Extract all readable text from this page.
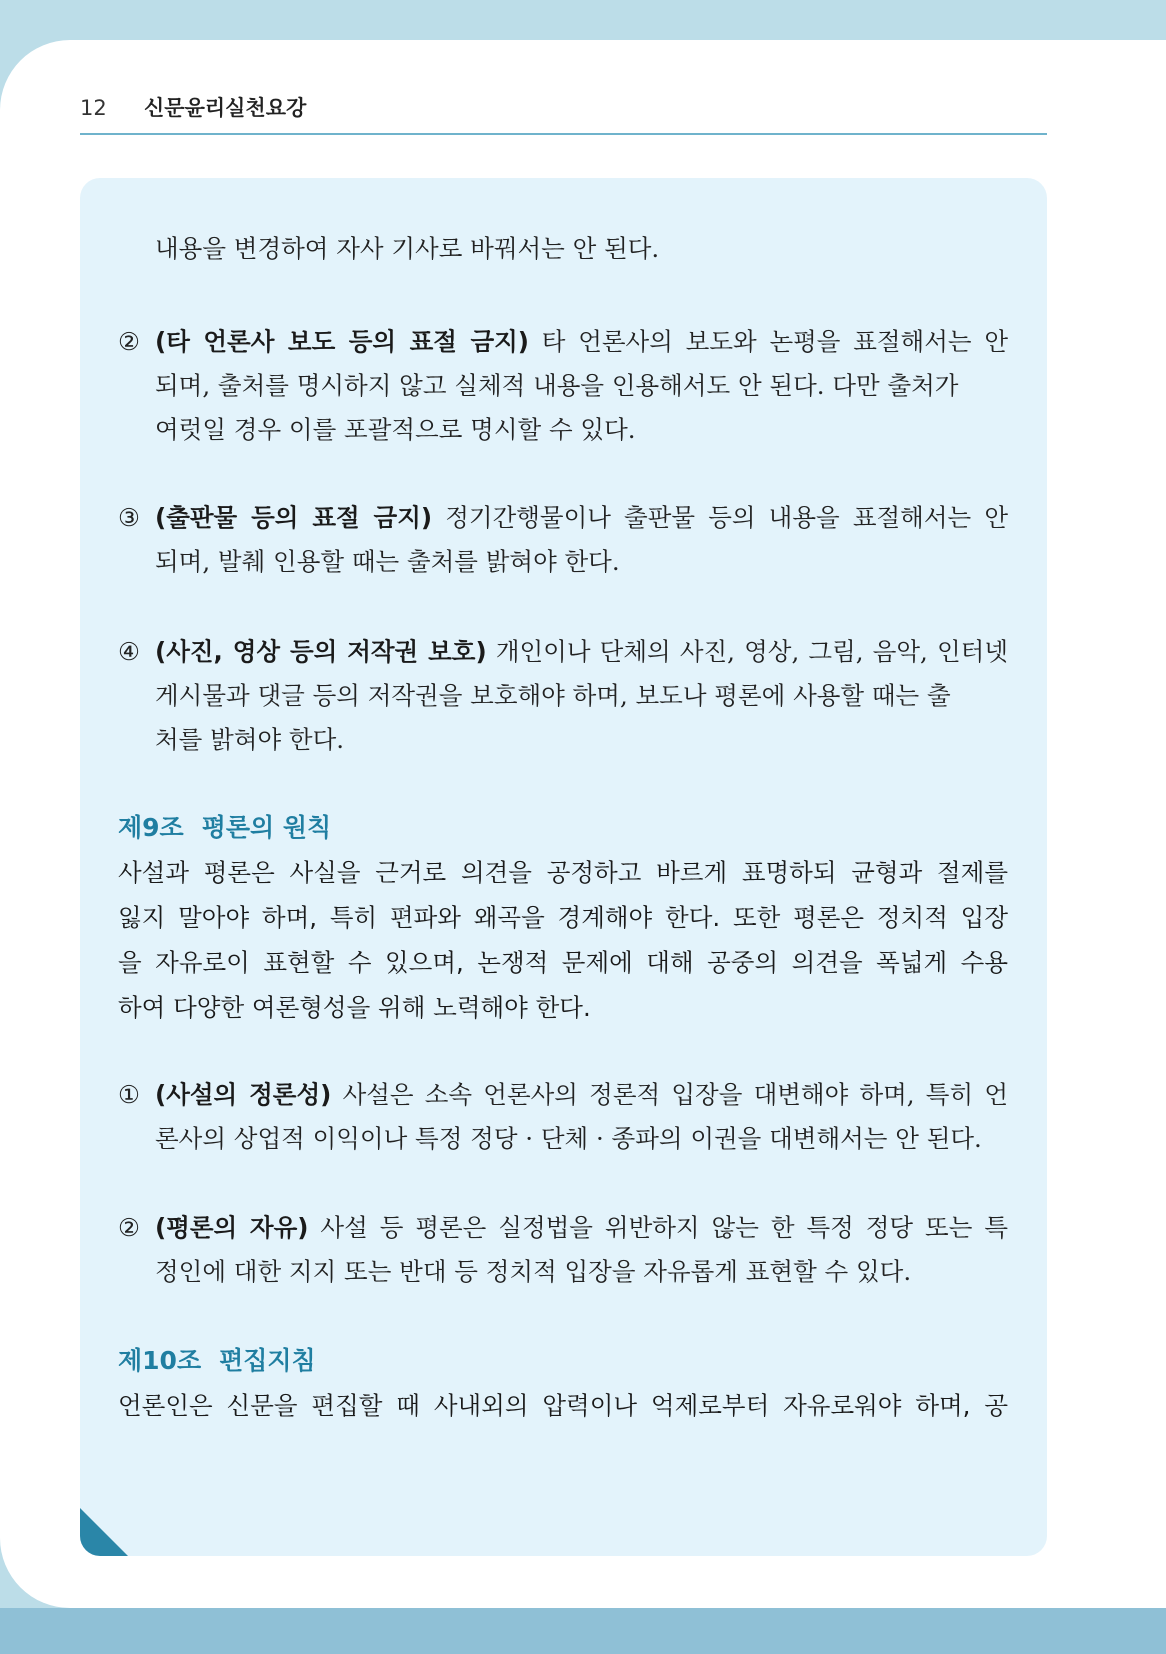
12	신문윤리실천요강
내용을 변경하여 자사 기사로 바꿔서는 안 된다.
② (타 언론사 보도 등의 표절 금지) 타 언론사의 보도와 논평을 표절해서는 안
되며, 출처를 명시하지 않고 실체적 내용을 인용해서도 안 된다. 다만 출처가
여럿일 경우 이를 포괄적으로 명시할 수 있다.
③ (출판물 등의 표절 금지) 정기간행물이나 출판물 등의 내용을 표절해서는 안
되며, 발췌 인용할 때는 출처를 밝혀야 한다.
④ (사진, 영상 등의 저작권 보호) 개인이나 단체의 사진, 영상, 그림, 음악, 인터넷
게시물과 댓글 등의 저작권을 보호해야 하며, 보도나 평론에 사용할 때는 출
처를 밝혀야 한다.
제9조 평론의 원칙
사설과 평론은 사실을 근거로 의견을 공정하고 바르게 표명하되 균형과 절제를
잃지 말아야 하며, 특히 편파와 왜곡을 경계해야 한다. 또한 평론은 정치적 입장
을 자유로이 표현할 수 있으며, 논쟁적 문제에 대해 공중의 의견을 폭넓게 수용
하여 다양한 여론형성을 위해 노력해야 한다.
① (사설의 정론성) 사설은 소속 언론사의 정론적 입장을 대변해야 하며, 특히 언
론사의 상업적 이익이나 특정 정당 · 단체 · 종파의 이권을 대변해서는 안 된다.
② (평론의 자유) 사설 등 평론은 실정법을 위반하지 않는 한 특정 정당 또는 특
정인에 대한 지지 또는 반대 등 정치적 입장을 자유롭게 표현할 수 있다.
제10조 편집지침
언론인은 신문을 편집할 때 사내외의 압력이나 억제로부터 자유로워야 하며, 공
